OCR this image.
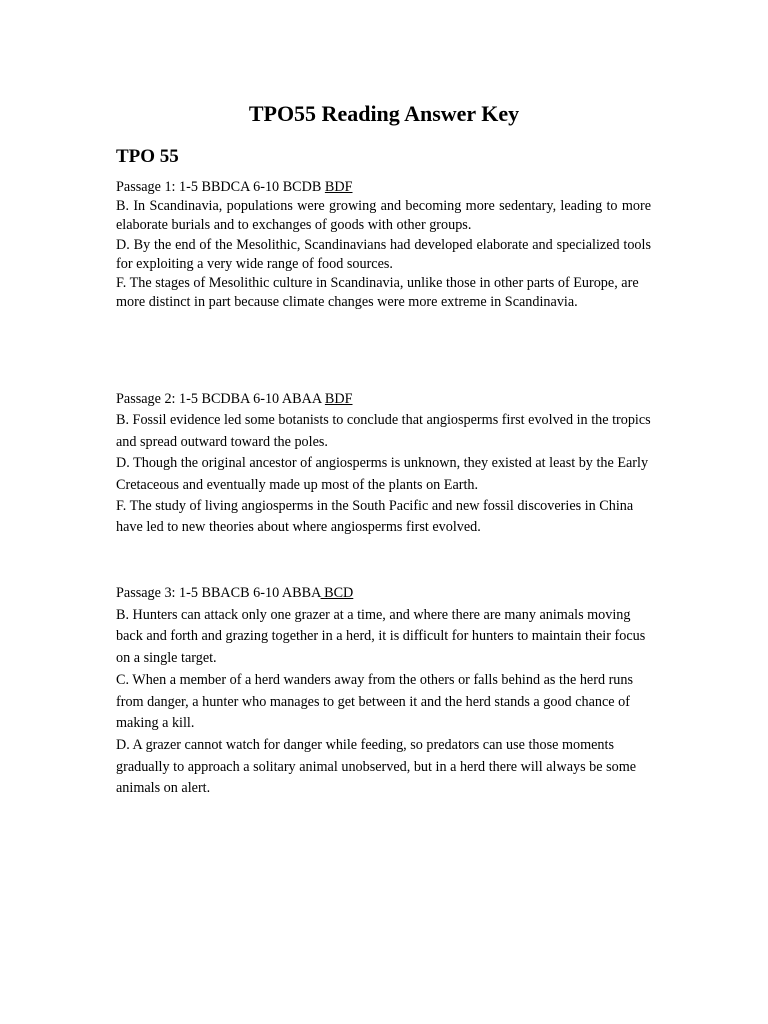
TPO55 Reading Answer Key
TPO 55

Passage 1: 1-5 BBDCA 6-10 BCDB BDF

B. In Scandinavia, populations were growing and becoming more sedentary, leading to more elaborate burials and to exchanges of goods with other groups.

D. By the end of the Mesolithic, Scandinavians had developed elaborate and specialized tools for exploiting a very wide range of food sources.

F. The stages of Mesolithic culture in Scandinavia, unlike those in other parts of Europe, are more distinct in part because climate changes were more extreme in Scandinavia.

Passage 2: 1-5 BCDBA 6-10 ABAA BDF

B. Fossil evidence led some botanists to conclude that angiosperms first evolved in the tropics and spread outward toward the poles.

D. Though the original ancestor of angiosperms is unknown, they existed at least by the Early Cretaceous and eventually made up most of the plants on Earth.

F. The study of living angiosperms in the South Pacific and new fossil discoveries in China have led to new theories about where angiosperms first evolved.

Passage 3: 1-5 BBACB 6-10 ABBA BCD

B. Hunters can attack only one grazer at a time, and where there are many animals moving back and forth and grazing together in a herd, it is difficult for hunters to maintain their focus on a single target.

C. When a member of a herd wanders away from the others or falls behind as the herd runs from danger, a hunter who manages to get between it and the herd stands a good chance of making a kill.

D. A grazer cannot watch for danger while feeding, so predators can use those moments gradually to approach a solitary animal unobserved, but in a herd there will always be some animals on alert.
